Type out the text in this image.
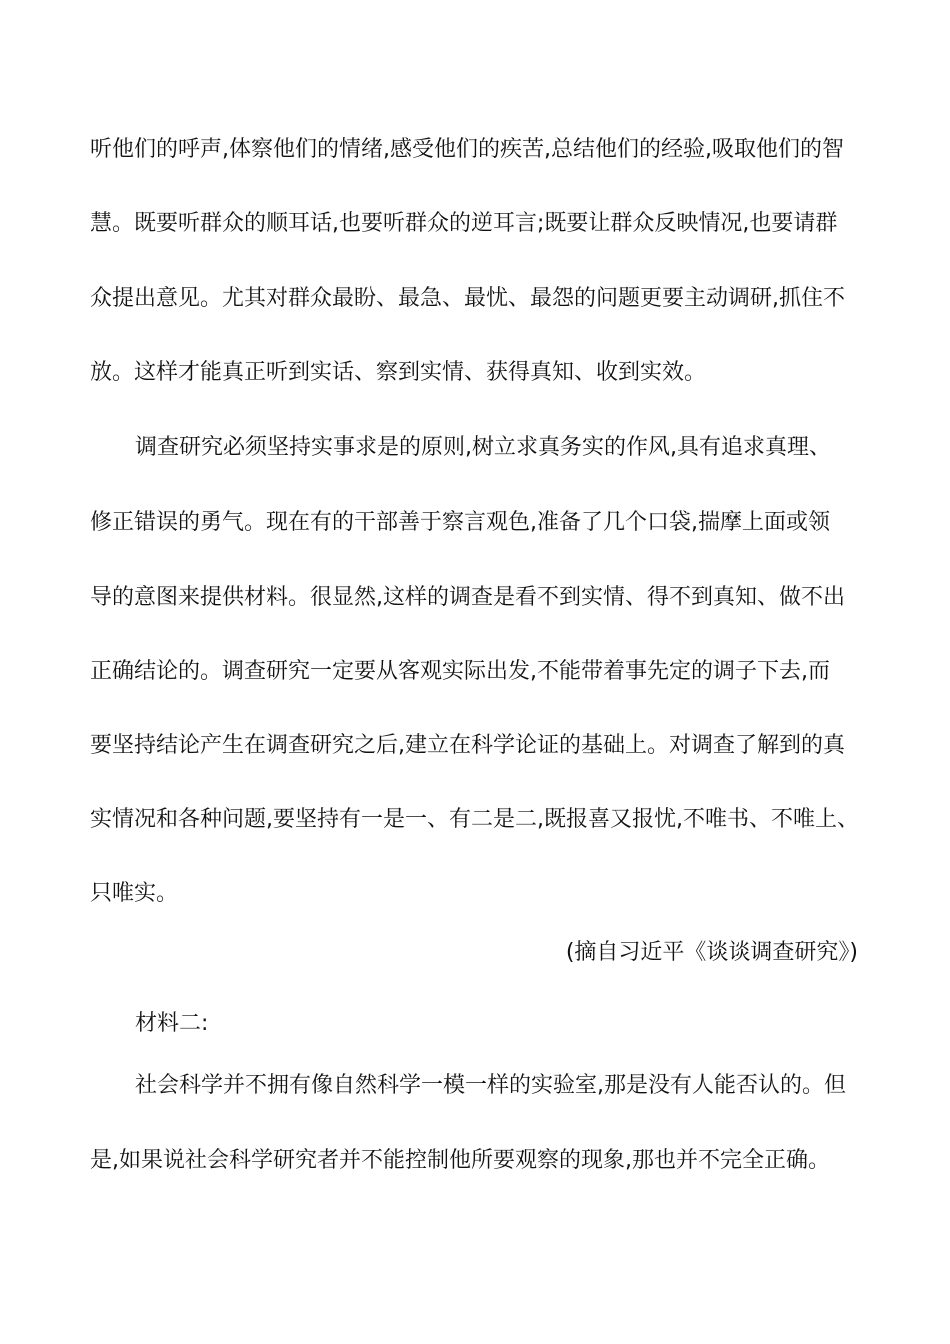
听他们的呼声,体察他们的情绪,感受他们的疾苦,总结他们的经验,吸取他们的智
慧。既要听群众的顺耳话,也要听群众的逆耳言;既要让群众反映情况,也要请群
众提出意见。尤其对群众最盼、最急、最忧、最怨的问题更要主动调研,抓住不
放。这样才能真正听到实话、察到实情、获得真知、收到实效。
调查研究必须坚持实事求是的原则,树立求真务实的作风,具有追求真理、
修正错误的勇气。现在有的干部善于察言观色,准备了几个口袋,揣摩上面或领
导的意图来提供材料。很显然,这样的调查是看不到实情、得不到真知、做不出
正确结论的。调查研究一定要从客观实际出发,不能带着事先定的调子下去,而
要坚持结论产生在调查研究之后,建立在科学论证的基础上。对调查了解到的真
实情况和各种问题,要坚持有一是一、有二是二,既报喜又报忧,不唯书、不唯上、
只唯实。
(摘自习近平《谈谈调查研究》)
材料二:
社会科学并不拥有像自然科学一模一样的实验室,那是没有人能否认的。但
是,如果说社会科学研究者并不能控制他所要观察的现象,那也并不完全正确。
